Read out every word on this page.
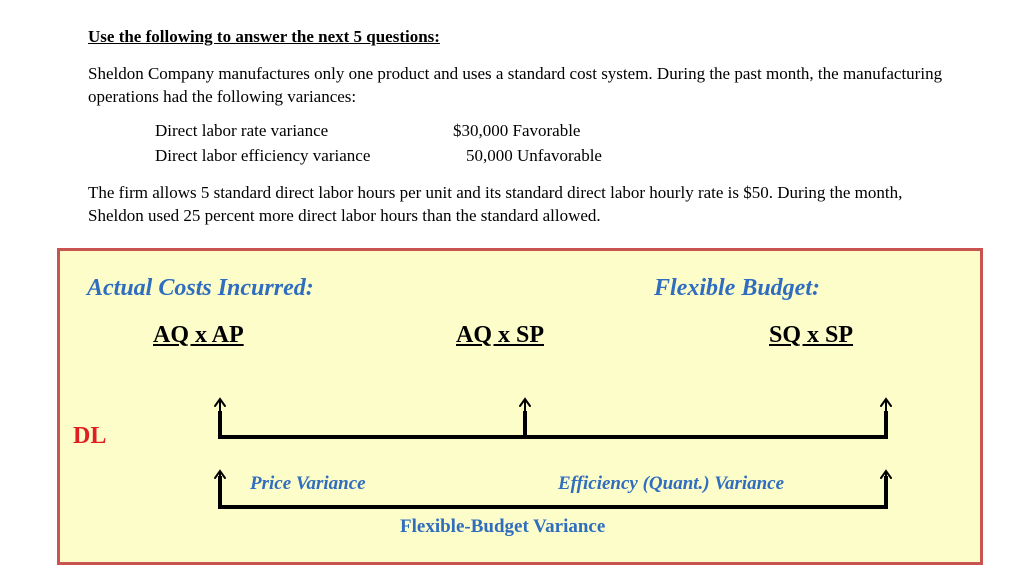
Use the following to answer the next 5 questions:
Sheldon Company manufactures only one product and uses a standard cost system. During the past month, the manufacturing operations had the following variances:
Direct labor rate variance	$30,000 Favorable
Direct labor efficiency variance	50,000 Unfavorable
The firm allows 5 standard direct labor hours per unit and its standard direct labor hourly rate is $50. During the month, Sheldon used 25 percent more direct labor hours than the standard allowed.
Actual Costs Incurred:	Flexible Budget:
AQ x AP	AQ x SP	SQ x SP
DL
Price Variance	Efficiency (Quant.) Variance
Flexible-Budget Variance
